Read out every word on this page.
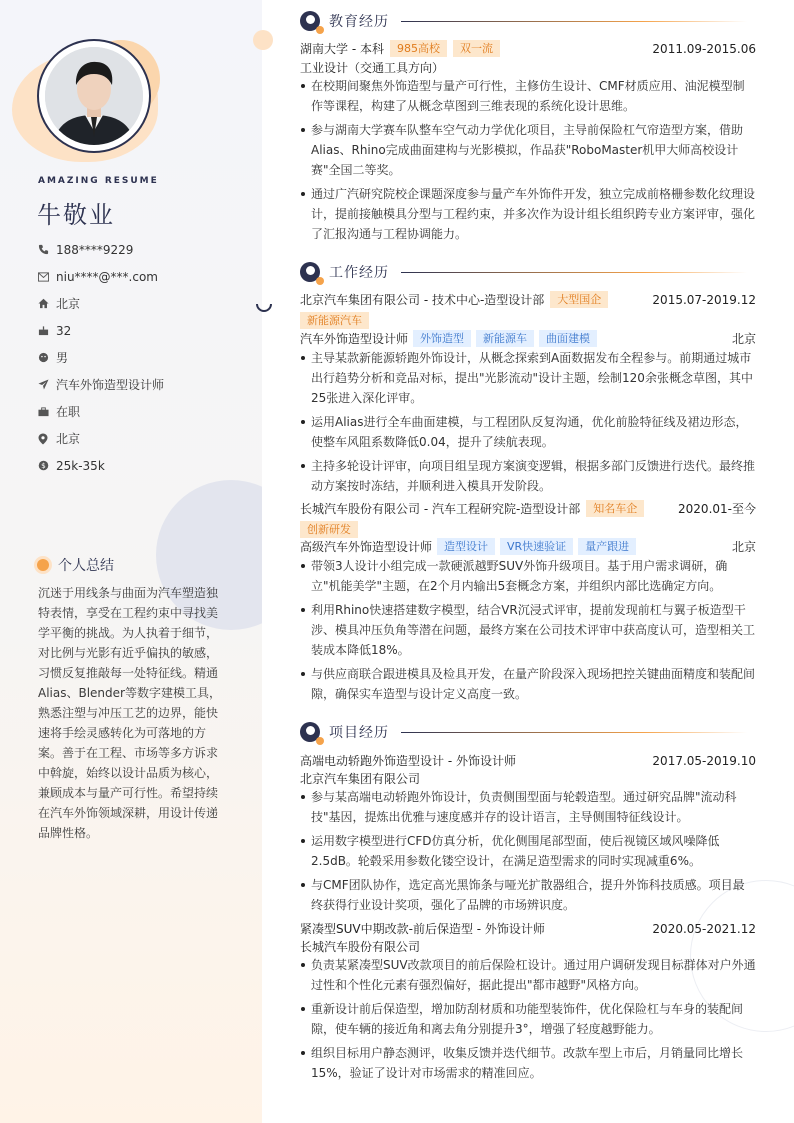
AMAZING RESUME
牛敬业
188****9229
niu****@***.com
北京
32
男
汽车外饰造型设计师
在职
北京
$ 25k-35k
个人总结
沉迷于用线条与曲面为汽车塑造独特表情，享受在工程约束中寻找美学平衡的挑战。为人执着于细节，对比例与光影有近乎偏执的敏感，习惯反复推敲每一处特征线。精通Alias、Blender等数字建模工具，熟悉注塑与冲压工艺的边界，能快速将手绘灵感转化为可落地的方案。善于在工程、市场等多方诉求中斡旋，始终以设计品质为核心，兼顾成本与量产可行性。希望持续在汽车外饰领域深耕，用设计传递品牌性格。
教育经历
湖南大学 - 本科	985高校	双一流	2011.09-2015.06
工业设计（交通工具方向）
在校期间聚焦外饰造型与量产可行性，主修仿生设计、CMF材质应用、油泥模型制作等课程，构建了从概念草图到三维表现的系统化设计思维。
参与湖南大学赛车队整车空气动力学优化项目，主导前保险杠气帘造型方案，借助Alias、Rhino完成曲面建构与光影模拟，作品获"RoboMaster机甲大师高校设计赛"全国二等奖。
通过广汽研究院校企课题深度参与量产车外饰件开发，独立完成前格栅参数化纹理设计，提前接触模具分型与工程约束，并多次作为设计组长组织跨专业方案评审，强化了汇报沟通与工程协调能力。
工作经历
北京汽车集团有限公司 - 技术中心-造型设计部	大型国企	2015.07-2019.12
新能源汽车
汽车外饰造型设计师	外饰造型	新能源车	曲面建模	北京
主导某款新能源轿跑外饰设计，从概念探索到A面数据发布全程参与。前期通过城市出行趋势分析和竞品对标，提出"光影流动"设计主题，绘制120余张概念草图，其中25张进入深化评审。
运用Alias进行全车曲面建模，与工程团队反复沟通，优化前脸特征线及裙边形态，使整车风阻系数降低0.04，提升了续航表现。
主持多轮设计评审，向项目组呈现方案演变逻辑，根据多部门反馈进行迭代。最终推动方案按时冻结，并顺利进入模具开发阶段。
长城汽车股份有限公司 - 汽车工程研究院-造型设计部	知名车企	2020.01-至今
创新研发
高级汽车外饰造型设计师	造型设计	VR快速验证	量产跟进	北京
带领3人设计小组完成一款硬派越野SUV外饰升级项目。基于用户需求调研，确立"机能美学"主题，在2个月内输出5套概念方案，并组织内部比选确定方向。
利用Rhino快速搭建数字模型，结合VR沉浸式评审，提前发现前杠与翼子板造型干涉、模具冲压负角等潜在问题，最终方案在公司技术评审中获高度认可，造型相关工装成本降低18%。
与供应商联合跟进模具及检具开发，在量产阶段深入现场把控关键曲面精度和装配间隙，确保实车造型与设计定义高度一致。
项目经历
高端电动轿跑外饰造型设计 - 外饰设计师	2017.05-2019.10
北京汽车集团有限公司
参与某高端电动轿跑外饰设计，负责侧围型面与轮毂造型。通过研究品牌"流动科技"基因，提炼出优雅与速度感并存的设计语言，主导侧围特征线设计。
运用数字模型进行CFD仿真分析，优化侧围尾部型面，使后视镜区域风噪降低2.5dB。轮毂采用参数化镂空设计，在满足造型需求的同时实现减重6%。
与CMF团队协作，选定高光黑饰条与哑光扩散器组合，提升外饰科技质感。项目最终获得行业设计奖项，强化了品牌的市场辨识度。
紧凑型SUV中期改款-前后保造型 - 外饰设计师	2020.05-2021.12
长城汽车股份有限公司
负责某紧凑型SUV改款项目的前后保险杠设计。通过用户调研发现目标群体对户外通过性和个性化元素有强烈偏好，据此提出"都市越野"风格方向。
重新设计前后保造型，增加防刮材质和功能型装饰件，优化保险杠与车身的装配间隙，使车辆的接近角和离去角分别提升3°，增强了轻度越野能力。
组织目标用户静态测评，收集反馈并迭代细节。改款车型上市后，月销量同比增长15%，验证了设计对市场需求的精准回应。
